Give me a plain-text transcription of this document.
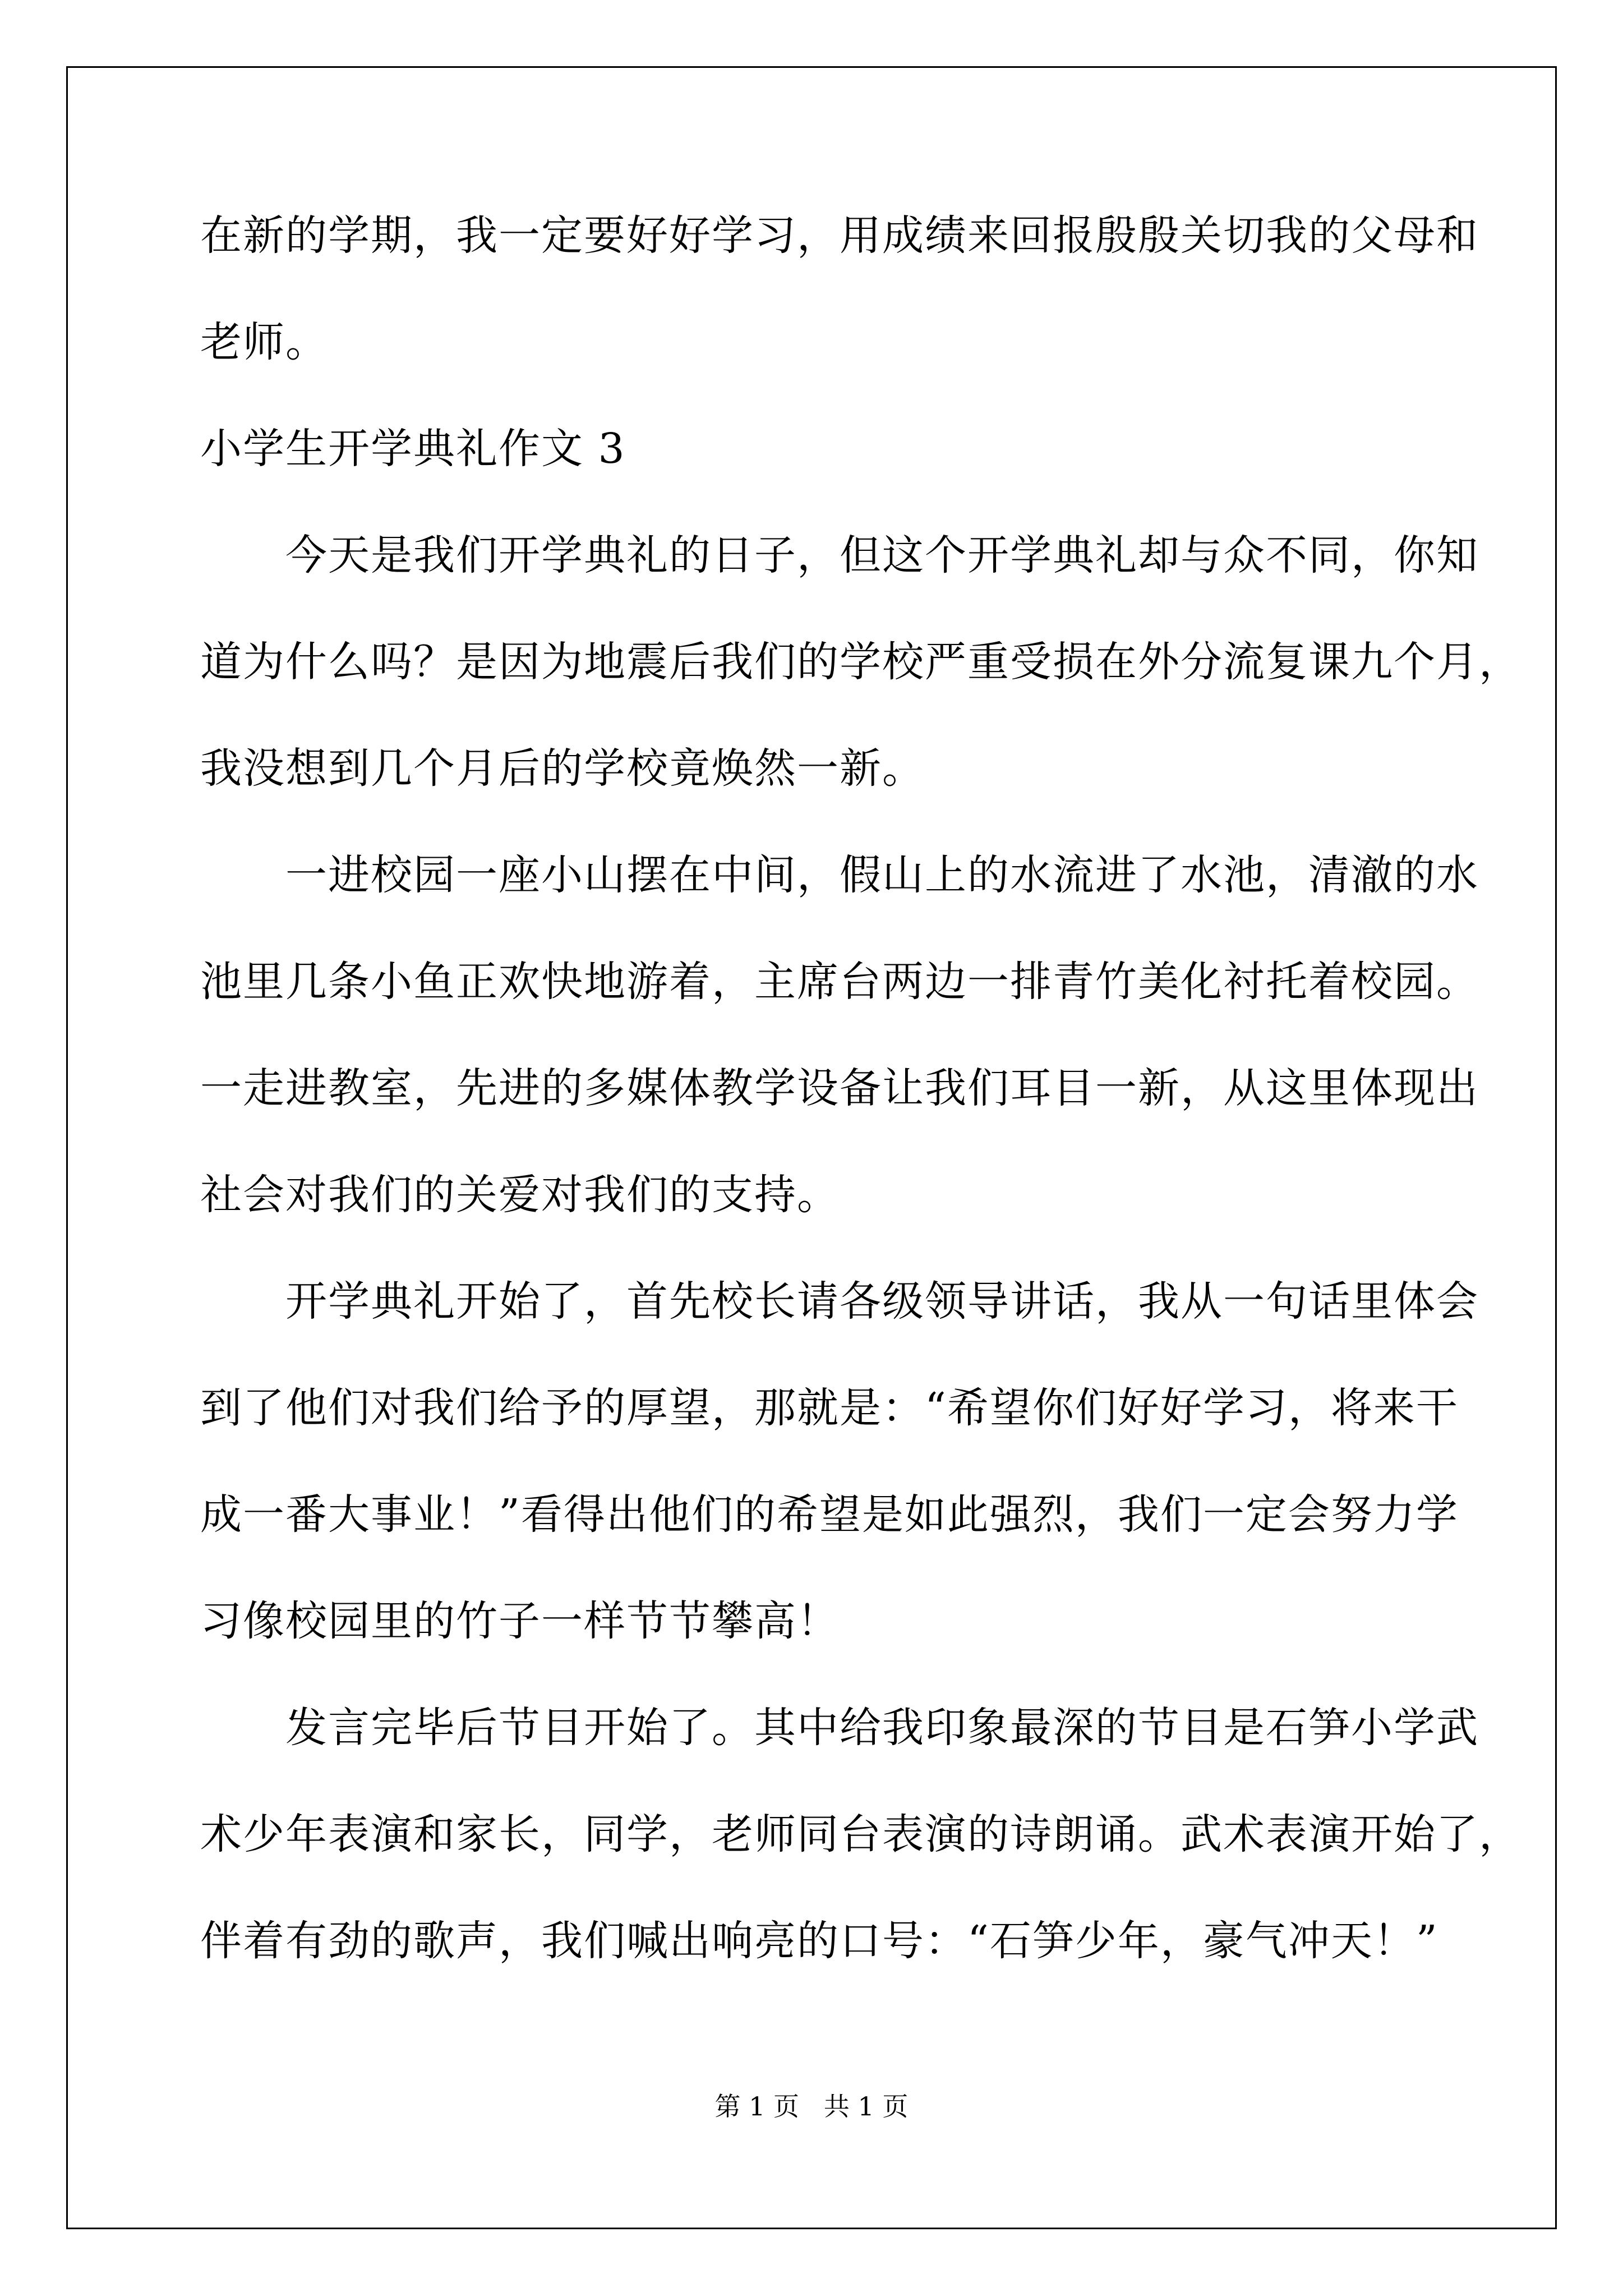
在新的学期，我一定要好好学习，用成绩来回报殷殷关切我的父母和
老师。
小学生开学典礼作文 3
　　今天是我们开学典礼的日子，但这个开学典礼却与众不同，你知
道为什么吗？是因为地震后我们的学校严重受损在外分流复课九个月，
我没想到几个月后的学校竟焕然一新。
　　一进校园一座小山摆在中间，假山上的水流进了水池，清澈的水
池里几条小鱼正欢快地游着，主席台两边一排青竹美化衬托着校园。
一走进教室，先进的多媒体教学设备让我们耳目一新，从这里体现出
社会对我们的关爱对我们的支持。
　　开学典礼开始了，首先校长请各级领导讲话，我从一句话里体会
到了他们对我们给予的厚望，那就是：“希望你们好好学习，将来干
成一番大事业！”看得出他们的希望是如此强烈，我们一定会努力学
习像校园里的竹子一样节节攀高！
　　发言完毕后节目开始了。其中给我印象最深的节目是石笋小学武
术少年表演和家长，同学，老师同台表演的诗朗诵。武术表演开始了，
伴着有劲的歌声，我们喊出响亮的口号：“石笋少年，豪气冲天！”
第 1 页   共 1 页
